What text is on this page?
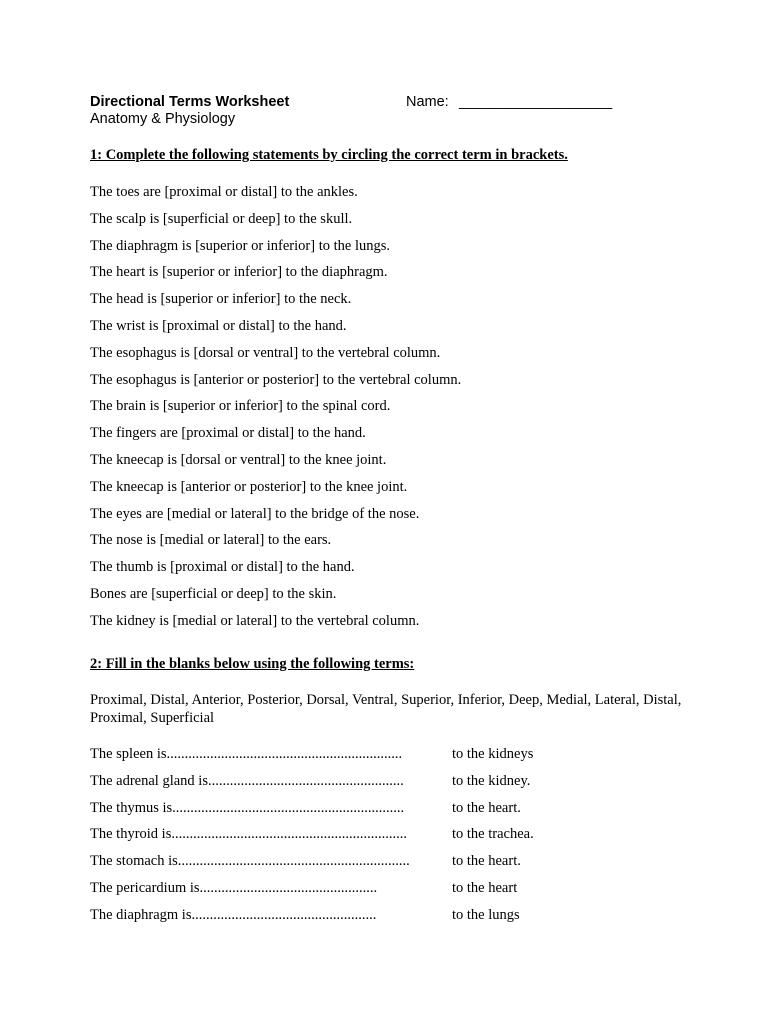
Directional Terms Worksheet
Anatomy & Physiology
Name: ___________________
1: Complete the following statements by circling the correct term in brackets.
The toes are [proximal or distal] to the ankles.
The scalp is [superficial or deep] to the skull.
The diaphragm is [superior or inferior] to the lungs.
The heart is [superior or inferior] to the diaphragm.
The head is [superior or inferior] to the neck.
The wrist is [proximal or distal] to the hand.
The esophagus is [dorsal or ventral] to the vertebral column.
The esophagus is [anterior or posterior] to the vertebral column.
The brain is [superior or inferior] to the spinal cord.
The fingers are [proximal or distal] to the hand.
The kneecap is [dorsal or ventral] to the knee joint.
The kneecap is [anterior or posterior] to the knee joint.
The eyes are [medial or lateral] to the bridge of the nose.
The nose is [medial or lateral] to the ears.
The thumb is [proximal or distal] to the hand.
Bones are [superficial or deep] to the skin.
The kidney is [medial or lateral] to the vertebral column.
2: Fill in the blanks below using the following terms:
Proximal, Distal, Anterior, Posterior, Dorsal, Ventral, Superior, Inferior, Deep, Medial, Lateral, Distal, Proximal, Superficial
The spleen is.................................................................	to the kidneys
The adrenal gland is......................................................	to the kidney.
The thymus is................................................................	to the heart.
The thyroid is.................................................................	to the trachea.
The stomach is................................................................	to the heart.
The pericardium is.................................................	to the heart
The diaphragm is...................................................	to the lungs
